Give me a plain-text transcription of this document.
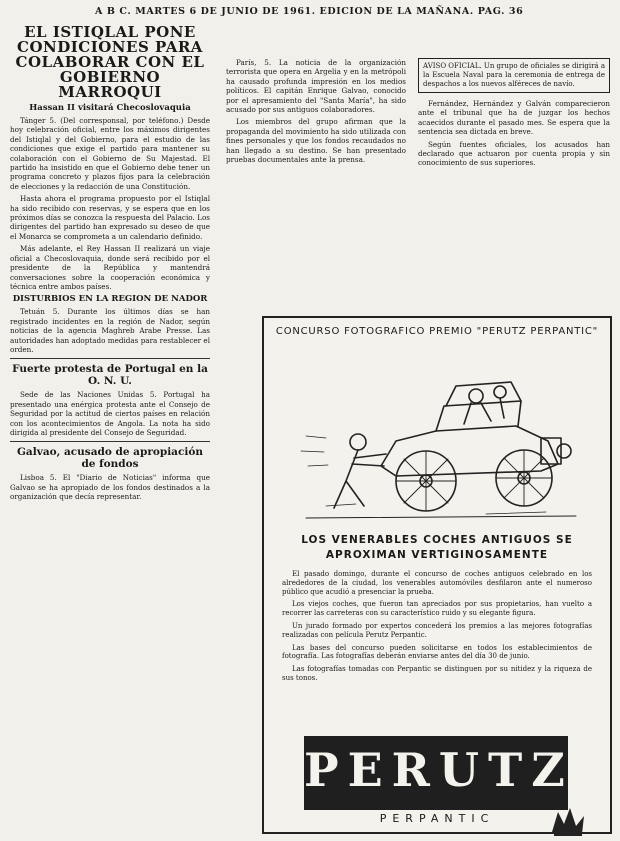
A B C. MARTES 6 DE JUNIO DE 1961. EDICION DE LA MAÑANA. PAG. 36
EL ISTIQLAL PONE CONDICIONES PARA COLABORAR CON EL GOBIERNO MARROQUI
Hassan II visitará Checoslovaquia

Tánger 5. (Del corresponsal, por teléfono.) Desde hoy celebración oficial, entre los máximos dirigentes del Istiqlal y del Gobierno, para el estudio de las condiciones que exige el partido para mantener su colaboración con el Gobierno de Su Majestad. El partido ha insistido en que el Gobierno debe tener un programa concreto y plazos fijos para la celebración de elecciones y la redacción de una Constitución.

Hasta ahora el programa propuesto por el Istiqlal ha sido recibido con reservas, y se espera que en los próximos días se conozca la respuesta del Palacio. Los dirigentes del partido han expresado su deseo de que el Monarca se comprometa a un calendario definido.

Más adelante, el Rey Hassan II realizará un viaje oficial a Checoslovaquia, donde será recibido por el presidente de la República y mantendrá conversaciones sobre la cooperación económica y técnica entre ambos países.

DISTURBIOS EN LA REGION DE NADOR

Tetuán 5. Durante los últimos días se han registrado incidentes en la región de Nador, según noticias de la agencia Maghreb Arabe Presse. Las autoridades han adoptado medidas para restablecer el orden.

Fuerte protesta de Portugal en la O. N. U.

Sede de las Naciones Unidas 5. Portugal ha presentado una enérgica protesta ante el Consejo de Seguridad por la actitud de ciertos países en relación con los acontecimientos de Angola. La nota ha sido dirigida al presidente del Consejo de Seguridad.

Galvao, acusado de apropiación de fondos

Lisboa 5. El "Diario de Noticias" informa que Galvao se ha apropiado de los fondos destinados a la organización que decía representar.

París, 5. La noticia de la organización terrorista que opera en Argelia y en la metrópoli ha causado profunda impresión en los medios políticos. El capitán Enrique Galvao, conocido por el apresamiento del "Santa María", ha sido acusado por sus antiguos colaboradores.

Los miembros del grupo afirman que la propaganda del movimiento ha sido utilizada con fines personales y que los fondos recaudados no han llegado a su destino. Se han presentado pruebas documentales ante la prensa.

AVISO OFICIAL. Un grupo de oficiales se dirigirá a la Escuela Naval para la ceremonia de entrega de despachos a los nuevos alféreces de navío.

Fernández, Hernández y Galván comparecieron ante el tribunal que ha de juzgar los hechos acaecidos durante el pasado mes. Se espera que la sentencia sea dictada en breve.

Según fuentes oficiales, los acusados han declarado que actuaron por cuenta propia y sin conocimiento de sus superiores.

CONCURSO FOTOGRAFICO PREMIO "PERUTZ PERPANTIC"
LOS VENERABLES COCHES ANTIGUOS SE APROXIMAN VERTIGINOSAMENTE

El pasado domingo, durante el concurso de coches antiguos celebrado en los alrededores de la ciudad, los venerables automóviles desfilaron ante el numeroso público que acudió a presenciar la prueba.

Los viejos coches, que fueron tan apreciados por sus propietarios, han vuelto a recorrer las carreteras con su característico ruido y su elegante figura.

Un jurado formado por expertos concederá los premios a las mejores fotografías realizadas con película Perutz Perpantic.

Las bases del concurso pueden solicitarse en todos los establecimientos de fotografía. Las fotografías deberán enviarse antes del día 30 de junio.

Las fotografías tomadas con Perpantic se distinguen por su nitidez y la riqueza de sus tonos.

PERUTZ
PERPANTIC
